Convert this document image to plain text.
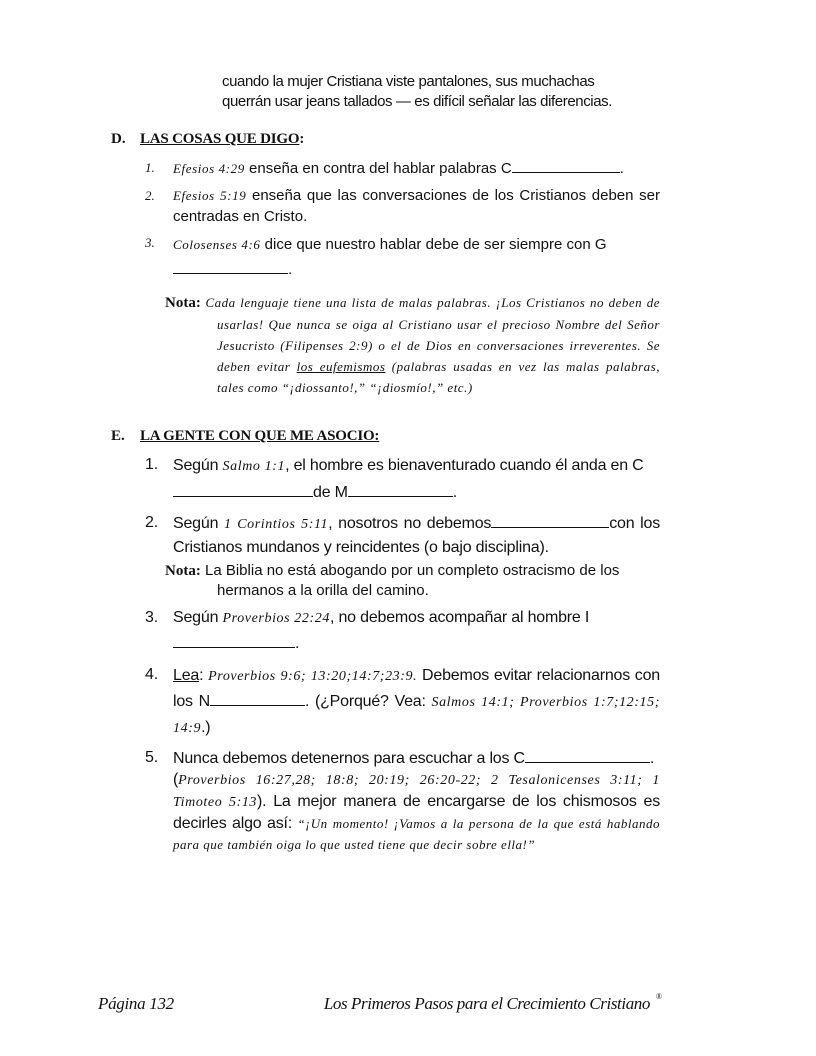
cuando la mujer Cristiana viste pantalones, sus muchachas
querrán usar jeans tallados — es difícil señalar las diferencias.
D. LAS COSAS QUE DIGO:
1. Efesios 4:29 enseña en contra del hablar palabras C	.
2. Efesios 5:19 enseña que las conversaciones de los Cristianos deben ser centradas en Cristo.
3. Colosenses 4:6 dice que nuestro hablar debe de ser siempre con G
.
Nota: Cada lenguaje tiene una lista de malas palabras. ¡Los Cristianos no deben de usarlas! Que nunca se oiga al Cristiano usar el precioso Nombre del Señor Jesucristo (Filipenses 2:9) o el de Dios en conversaciones irreverentes. Se deben evitar los eufemismos (palabras usadas en vez las malas palabras, tales como “¡diossanto!,” “¡diosmío!,” etc.)
E. LA GENTE CON QUE ME ASOCIO:
1. Según Salmo 1:1, el hombre es bienaventurado cuando él anda en C
de M	.
2. Según 1 Corintios 5:11, nosotros no debemos	con los Cristianos mundanos y reincidentes (o bajo disciplina).
Nota: La Biblia no está abogando por un completo ostracismo de los
hermanos a la orilla del camino.
3. Según Proverbios 22:24, no debemos acompañar al hombre I
.
4. Lea: Proverbios 9:6; 13:20;14:7;23:9. Debemos evitar relacionarnos con los N	. (¿Porqué? Vea: Salmos 14:1; Proverbios 1:7;12:15; 14:9.)
5. Nunca debemos detenernos para escuchar a los C	.
(Proverbios 16:27,28; 18:8; 20:19; 26:20-22; 2 Tesalonicenses 3:11; 1 Timoteo 5:13). La mejor manera de encargarse de los chismosos es decirles algo así: “¡Un momento! ¡Vamos a la persona de la que está hablando para que también oiga lo que usted tiene que decir sobre ella!”
Página 132	Los Primeros Pasos para el Crecimiento Cristiano ®
